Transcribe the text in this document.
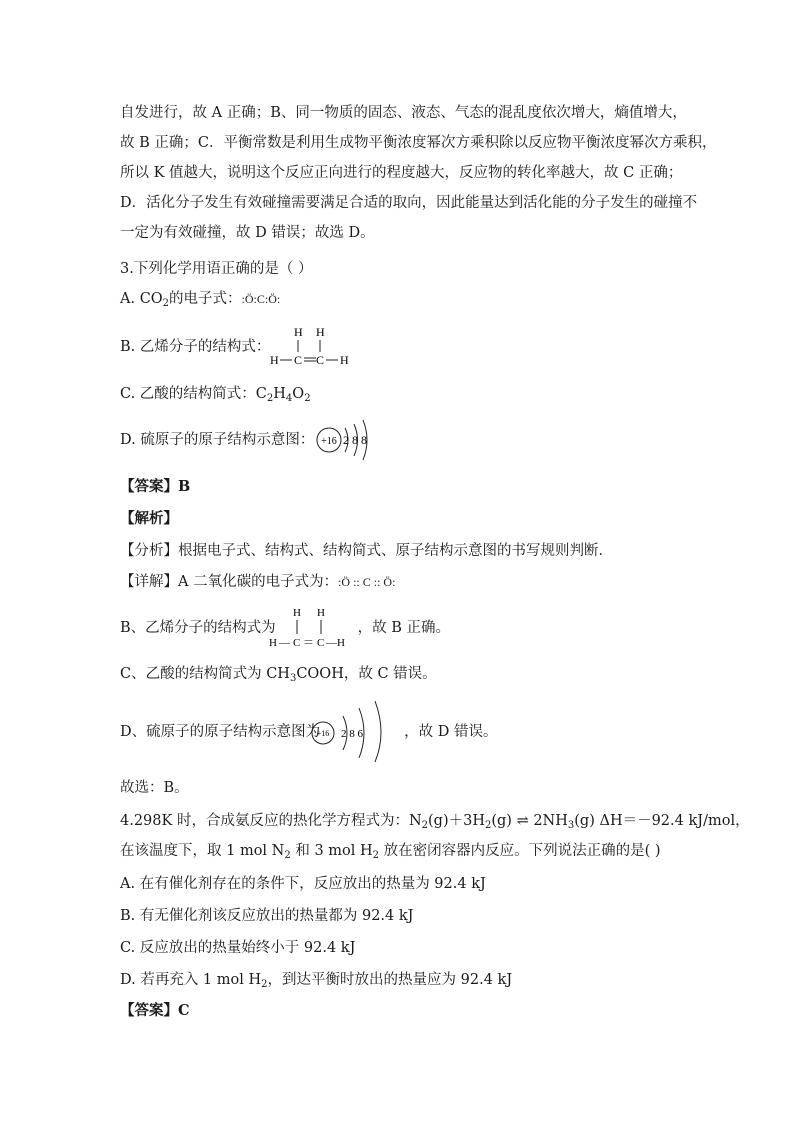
自发进行，故 A 正确；B、同一物质的固态、液态、气态的混乱度依次增大，熵值增大，
故 B 正确；C．平衡常数是利用生成物平衡浓度幂次方乘积除以反应物平衡浓度幂次方乘积，
所以 K 值越大，说明这个反应正向进行的程度越大，反应物的转化率越大，故 C 正确；
D．活化分子发生有效碰撞需要满足合适的取向，因此能量达到活化能的分子发生的碰撞不
一定为有效碰撞，故 D 错误；故选 D。
3.下列化学用语正确的是（ ）
A. $CO_2$的电子式：:Ö:C:Ö:
B. 乙烯分子的结构式：
H H
H C C H
C. 乙酸的结构简式：$C_2H_4O_2$
D. 硫原子的原子结构示意图： +16 2 8 8
【答案】B
【解析】
【分析】根据电子式、结构式、结构简式、原子结构示意图的书写规则判断．
【详解】A 二氧化碳的电子式为：:Ö :: C :: Ö:
B、乙烯分子的结构式为	，故 B 正确。
H H
H — C ＝ C — H
C、乙酸的结构简式为 $CH_3COOH$，故 C 错误。
D、硫原子的原子结构示意图为	，故 D 错误。
+16 2 8 6
故选：B。
4.298K 时，合成氨反应的热化学方程式为：$N_2(g)+3H_2(g)$ ⇌ $2NH_3(g)$ ΔH＝－92.4 kJ/mol，
在该温度下，取 1 mol $N_2$ 和 3 mol $H_2$ 放在密闭容器内反应。下列说法正确的是( )
A. 在有催化剂存在的条件下，反应放出的热量为 92.4 kJ
B. 有无催化剂该反应放出的热量都为 92.4 kJ
C. 反应放出的热量始终小于 92.4 kJ
D. 若再充入 1 mol $H_2$，到达平衡时放出的热量应为 92.4 kJ
【答案】C
